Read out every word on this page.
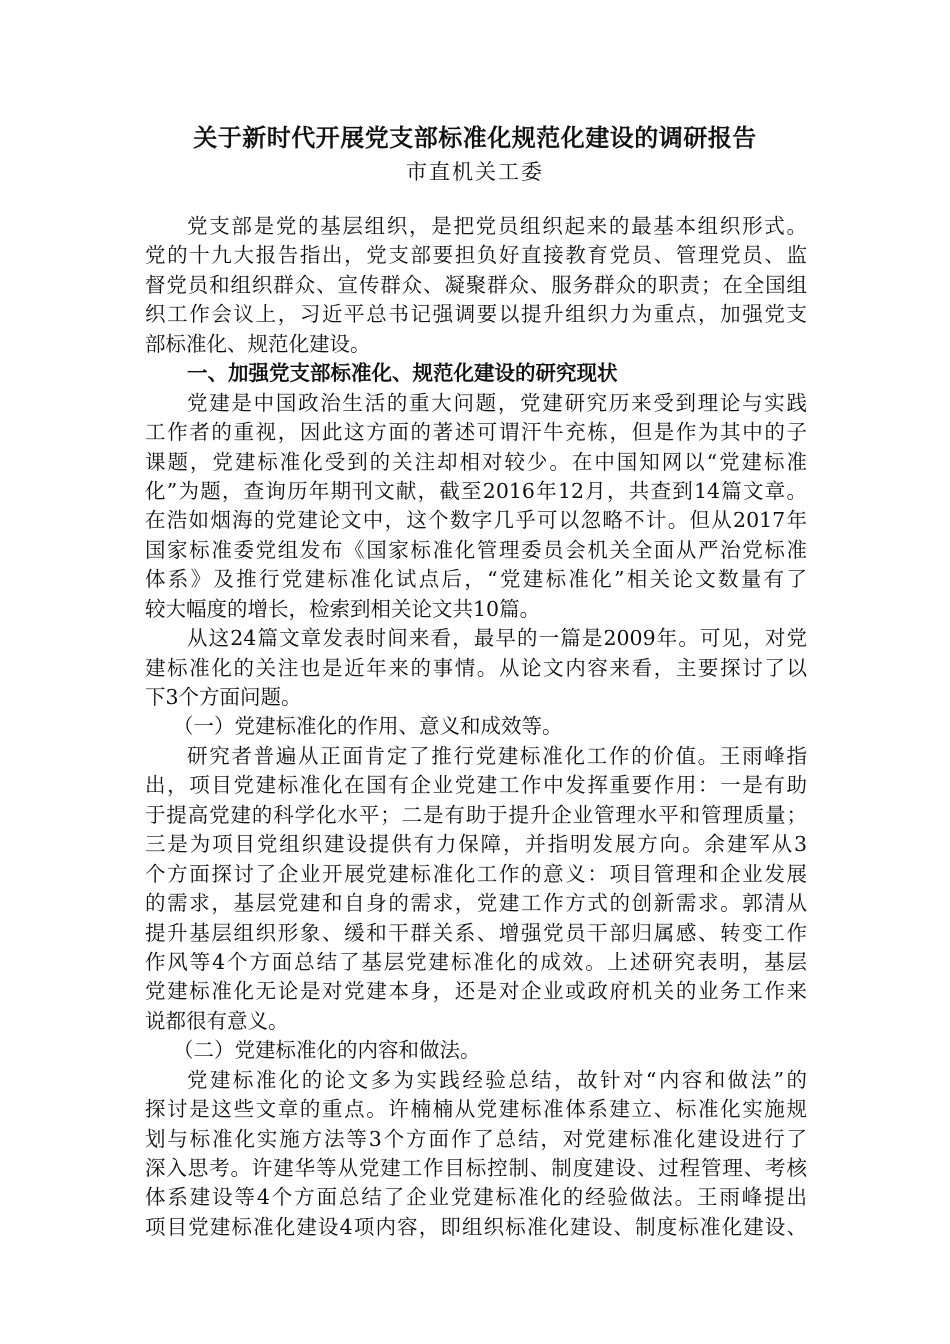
关于新时代开展党支部标准化规范化建设的调研报告
市直机关工委
党支部是党的基层组织，是把党员组织起来的最基本组织形式。
党的十九大报告指出，党支部要担负好直接教育党员、管理党员、监
督党员和组织群众、宣传群众、凝聚群众、服务群众的职责；在全国组
织工作会议上，习近平总书记强调要以提升组织力为重点，加强党支
部标准化、规范化建设。
一、加强党支部标准化、规范化建设的研究现状
党建是中国政治生活的重大问题，党建研究历来受到理论与实践
工作者的重视，因此这方面的著述可谓汗牛充栋，但是作为其中的子
课题，党建标准化受到的关注却相对较少。在中国知网以“党建标准
化”为题，查询历年期刊文献，截至2016年12月，共查到14篇文章。
在浩如烟海的党建论文中，这个数字几乎可以忽略不计。但从2017年
国家标准委党组发布《国家标准化管理委员会机关全面从严治党标准
体系》及推行党建标准化试点后，“党建标准化”相关论文数量有了
较大幅度的增长，检索到相关论文共10篇。
从这24篇文章发表时间来看，最早的一篇是2009年。可见，对党
建标准化的关注也是近年来的事情。从论文内容来看，主要探讨了以
下3个方面问题。
（一）党建标准化的作用、意义和成效等。
研究者普遍从正面肯定了推行党建标准化工作的价值。王雨峰指
出，项目党建标准化在国有企业党建工作中发挥重要作用：一是有助
于提高党建的科学化水平；二是有助于提升企业管理水平和管理质量；
三是为项目党组织建设提供有力保障，并指明发展方向。余建军从3
个方面探讨了企业开展党建标准化工作的意义：项目管理和企业发展
的需求，基层党建和自身的需求，党建工作方式的创新需求。郭清从
提升基层组织形象、缓和干群关系、增强党员干部归属感、转变工作
作风等4个方面总结了基层党建标准化的成效。上述研究表明，基层
党建标准化无论是对党建本身，还是对企业或政府机关的业务工作来
说都很有意义。
（二）党建标准化的内容和做法。
党建标准化的论文多为实践经验总结，故针对“内容和做法”的
探讨是这些文章的重点。许楠楠从党建标准体系建立、标准化实施规
划与标准化实施方法等3个方面作了总结，对党建标准化建设进行了
深入思考。许建华等从党建工作目标控制、制度建设、过程管理、考核
体系建设等4个方面总结了企业党建标准化的经验做法。王雨峰提出
项目党建标准化建设4项内容，即组织标准化建设、制度标准化建设、
